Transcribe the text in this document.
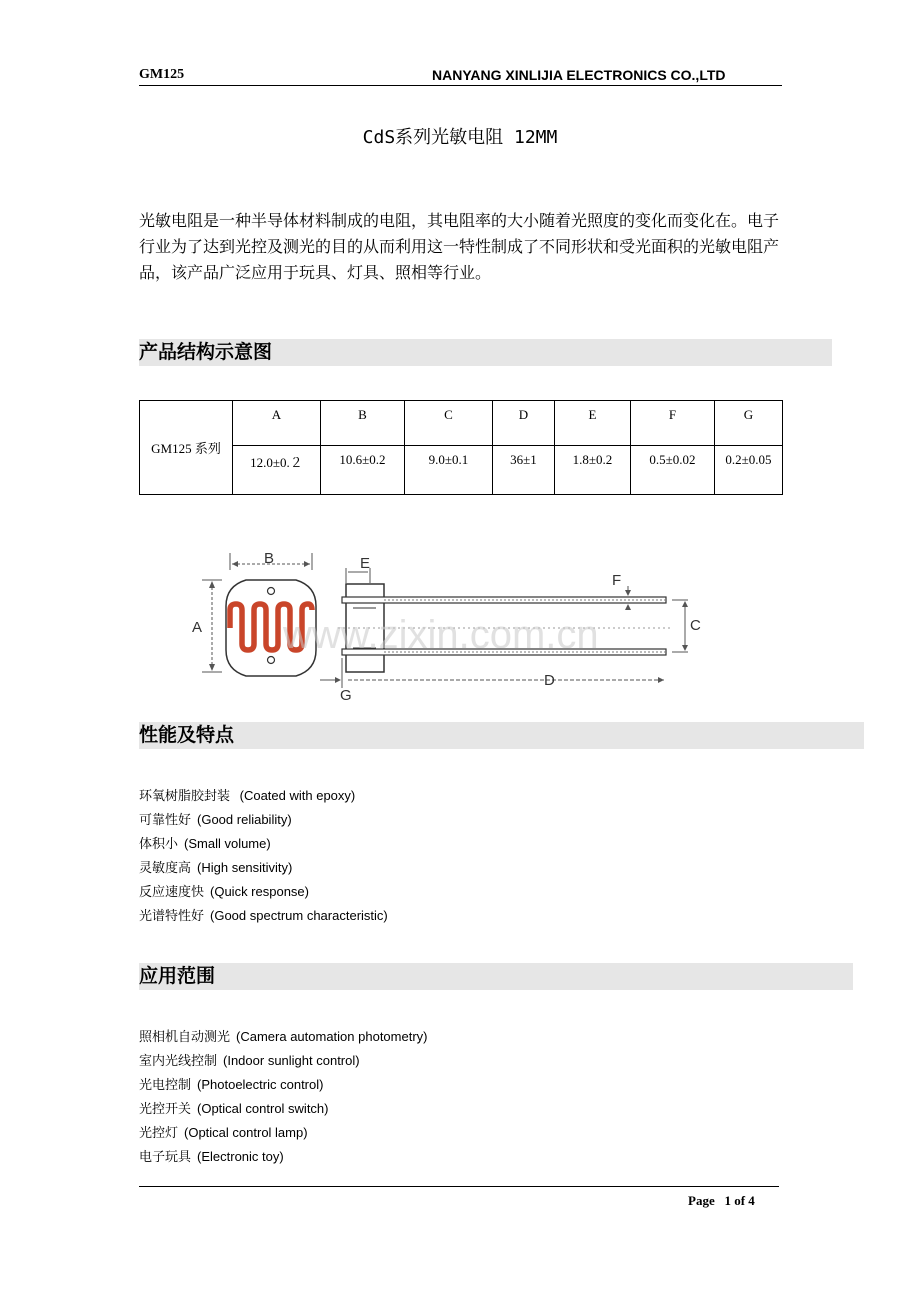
GM125	NANYANG XINLIJIA ELECTRONICS CO.,LTD
CdS系列光敏电阻 12MM
光敏电阻是一种半导体材料制成的电阻，其电阻率的大小随着光照度的变化而变化在。电子行业为了达到光控及测光的目的从而利用这一特性制成了不同形状和受光面积的光敏电阻产品，该产品广泛应用于玩具、灯具、照相等行业。
产品结构示意图
GM125 系列	A	B	C	D	E	F	G
	12.0±0.２	10.6±0.2	9.0±0.1	36±1	1.8±0.2	0.5±0.02	0.2±0.05
B
A
E
F
G
D
www.zixin.com.cn	C
性能及特点
环氧树脂胶封装 (Coated with epoxy)
可靠性好 (Good reliability)
体积小 (Small volume)
灵敏度高 (High sensitivity)
反应速度快 (Quick response)
光谱特性好 (Good spectrum characteristic)
应用范围
照相机自动测光 (Camera automation photometry)
室内光线控制 (Indoor sunlight control)
光电控制 (Photoelectric control)
光控开关 (Optical control switch)
光控灯 (Optical control lamp)
电子玩具 (Electronic toy)
Page   1 of 4
